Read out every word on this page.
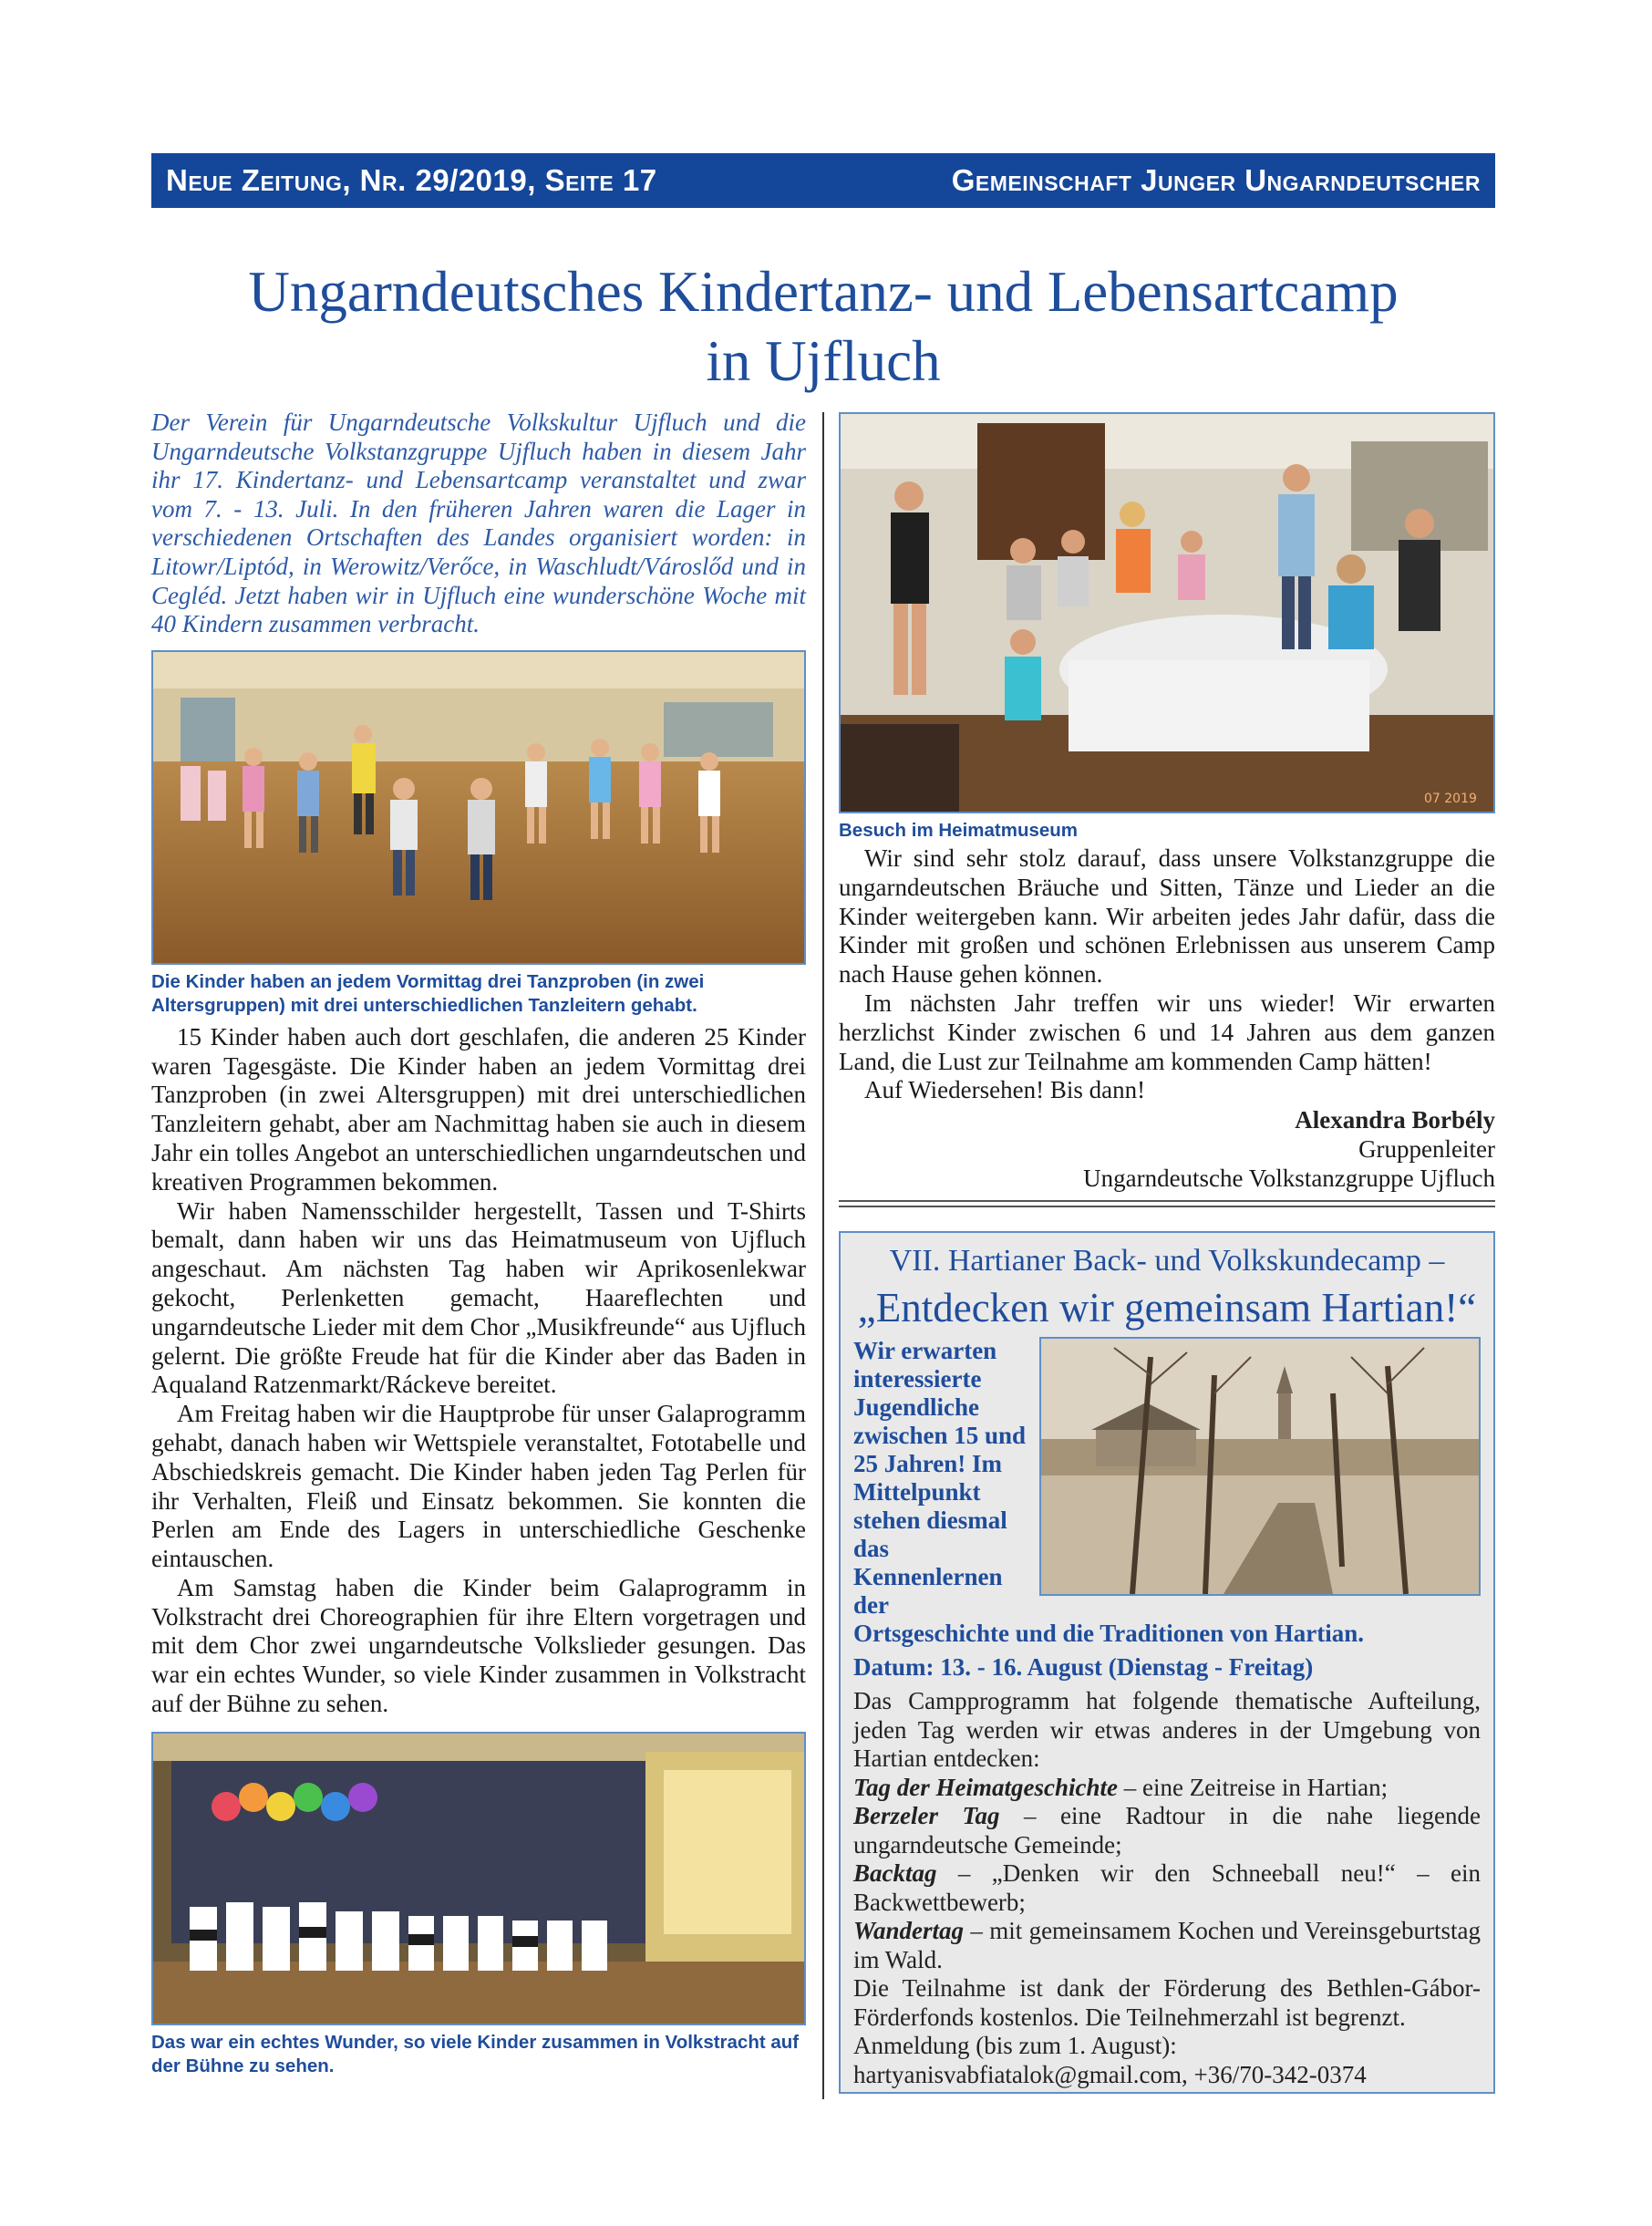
Neue Zeitung, Nr. 29/2019, Seite 17	Gemeinschaft Junger Ungarndeutscher
Ungarndeutsches Kindertanz- und Lebensartcamp
in Ujfluch

Der Verein für Ungarndeutsche Volkskultur Ujfluch und die Ungarndeutsche Volkstanzgruppe Ujfluch haben in diesem Jahr ihr 17. Kindertanz- und Lebensartcamp veranstaltet und zwar vom 7. - 13. Juli. In den früheren Jahren waren die Lager in verschiedenen Ortschaften des Landes organisiert worden: in Litowr/Liptód, in Werowitz/Verőce, in Waschludt/Városlőd und in Cegléd. Jetzt haben wir in Ujfluch eine wunderschöne Woche mit 40 Kindern zusammen verbracht.

Die Kinder haben an jedem Vormittag drei Tanzproben (in zwei Altersgruppen) mit drei unterschiedlichen Tanzleitern gehabt.

15 Kinder haben auch dort geschlafen, die anderen 25 Kinder waren Tagesgäste. Die Kinder haben an jedem Vormittag drei Tanzproben (in zwei Altersgruppen) mit drei unterschiedlichen Tanzleitern gehabt, aber am Nachmittag haben sie auch in diesem Jahr ein tolles Angebot an unterschiedlichen ungarndeutschen und kreativen Programmen bekommen.

Wir haben Namensschilder hergestellt, Tassen und T-Shirts bemalt, dann haben wir uns das Heimatmuseum von Ujfluch angeschaut. Am nächsten Tag haben wir Aprikosenlekwar gekocht, Perlenketten gemacht, Haareflechten und ungarndeutsche Lieder mit dem Chor „Musikfreunde“ aus Ujfluch gelernt. Die größte Freude hat für die Kinder aber das Baden in Aqualand Ratzenmarkt/Ráckeve bereitet.

Am Freitag haben wir die Hauptprobe für unser Galaprogramm gehabt, danach haben wir Wettspiele veranstaltet, Fototabelle und Abschiedskreis gemacht. Die Kinder haben jeden Tag Perlen für ihr Verhalten, Fleiß und Einsatz bekommen. Sie konnten die Perlen am Ende des Lagers in unterschiedliche Geschenke eintauschen.

Am Samstag haben die Kinder beim Galaprogramm in Volkstracht drei Choreographien für ihre Eltern vorgetragen und mit dem Chor zwei ungarndeutsche Volkslieder gesungen. Das war ein echtes Wunder, so viele Kinder zusammen in Volkstracht auf der Bühne zu sehen.

Das war ein echtes Wunder, so viele Kinder zusammen in Volkstracht auf der Bühne zu sehen.
07 2019
Besuch im Heimatmuseum

Wir sind sehr stolz darauf, dass unsere Volkstanzgruppe die ungarndeutschen Bräuche und Sitten, Tänze und Lieder an die Kinder weitergeben kann. Wir arbeiten jedes Jahr dafür, dass die Kinder mit großen und schönen Erlebnissen aus unserem Camp nach Hause gehen können.

Im nächsten Jahr treffen wir uns wieder! Wir erwarten herzlichst Kinder zwischen 6 und 14 Jahren aus dem ganzen Land, die Lust zur Teilnahme am kommenden Camp hätten!

Auf Wiedersehen! Bis dann!

Alexandra Borbély
Gruppenleiter
Ungarndeutsche Volkstanzgruppe Ujfluch
VII. Hartianer Back- und Volkskundecamp –
„Entdecken wir gemeinsam Hartian!“
Wir erwarten interessierte Jugendliche zwischen 15 und 25 Jahren! Im Mittelpunkt stehen diesmal das Kennenlernen der Ortsgeschichte und die Traditionen von Hartian.
Datum: 13. - 16. August (Dienstag - Freitag)
Das Campprogramm hat folgende thematische Aufteilung, jeden Tag werden wir etwas anderes in der Umgebung von Hartian entdecken:
Tag der Heimatgeschichte – eine Zeitreise in Hartian;
Berzeler Tag – eine Radtour in die nahe liegende ungarndeutsche Gemeinde;
Backtag – „Denken wir den Schneeball neu!“ – ein Backwettbewerb;
Wandertag – mit gemeinsamem Kochen und Vereinsgeburtstag im Wald.
Die Teilnahme ist dank der Förderung des Bethlen-Gábor-Förderfonds kostenlos. Die Teilnehmerzahl ist begrenzt.
Anmeldung (bis zum 1. August):
hartyanisvabfiatalok@gmail.com, +36/70-342-0374
